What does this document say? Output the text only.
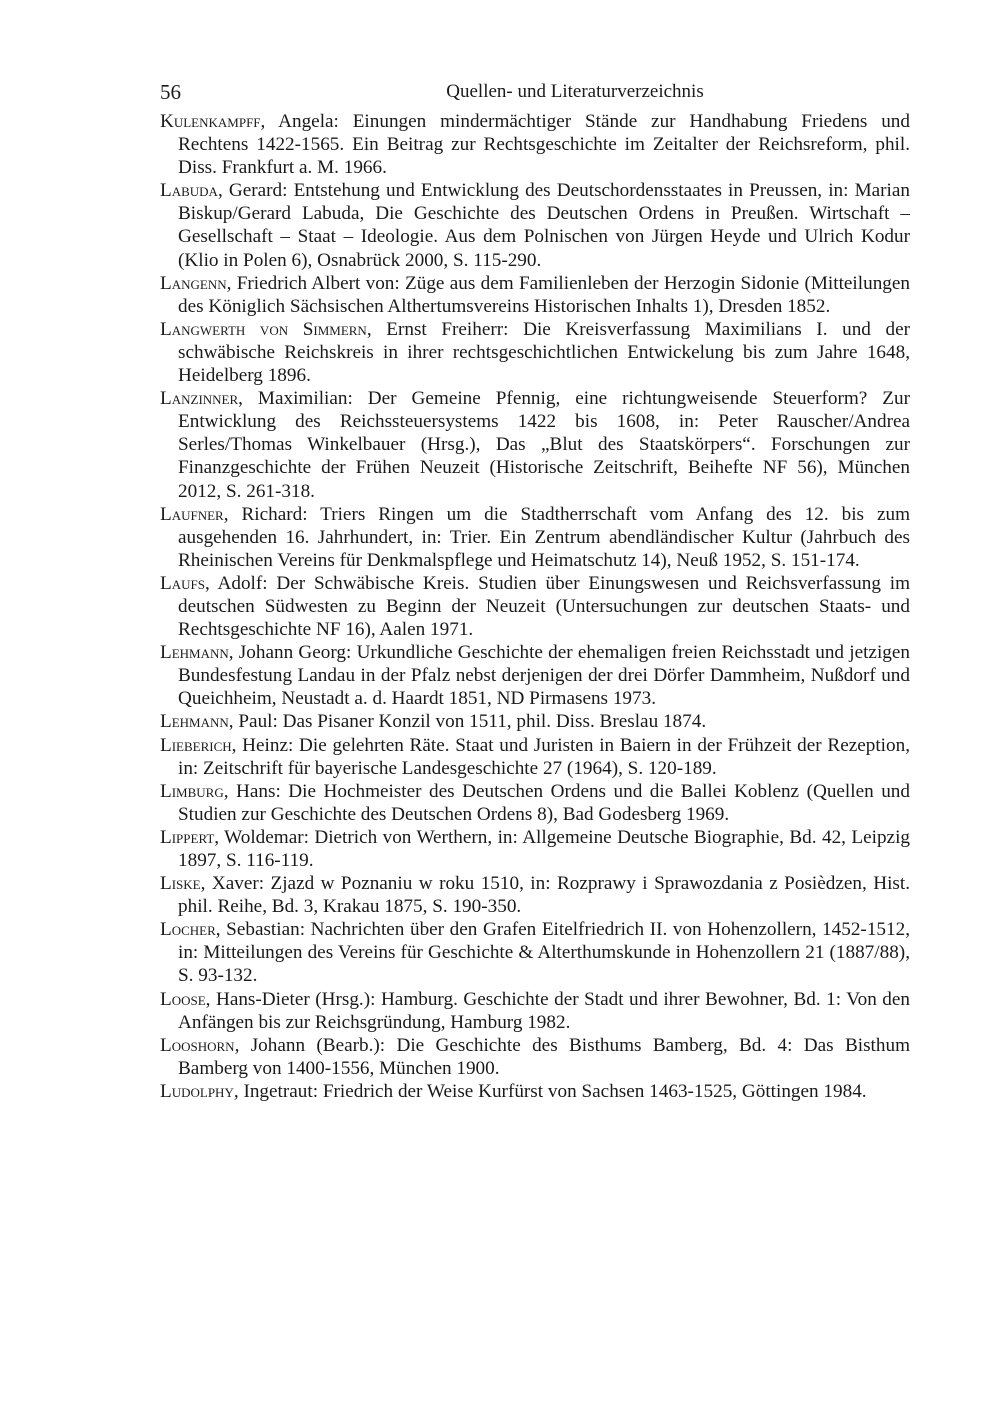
56	Quellen- und Literaturverzeichnis
Kulenkampff, Angela: Einungen mindermächtiger Stände zur Handhabung Friedens und Rechtens 1422-1565. Ein Beitrag zur Rechtsgeschichte im Zeitalter der Reichsreform, phil. Diss. Frankfurt a. M. 1966.
Labuda, Gerard: Entstehung und Entwicklung des Deutschordensstaates in Preussen, in: Marian Biskup/Gerard Labuda, Die Geschichte des Deutschen Ordens in Preußen. Wirtschaft – Gesellschaft – Staat – Ideologie. Aus dem Polnischen von Jürgen Heyde und Ulrich Kodur (Klio in Polen 6), Osnabrück 2000, S. 115-290.
Langenn, Friedrich Albert von: Züge aus dem Familienleben der Herzogin Sidonie (Mitteilungen des Königlich Sächsischen Althertumsvereins Historischen Inhalts 1), Dresden 1852.
Langwerth von Simmern, Ernst Freiherr: Die Kreisverfassung Maximilians I. und der schwäbische Reichskreis in ihrer rechtsgeschichtlichen Entwickelung bis zum Jahre 1648, Heidelberg 1896.
Lanzinner, Maximilian: Der Gemeine Pfennig, eine richtungweisende Steuerform? Zur Entwicklung des Reichssteuersystems 1422 bis 1608, in: Peter Rauscher/Andrea Serles/Thomas Winkelbauer (Hrsg.), Das „Blut des Staatskörpers“. Forschungen zur Finanzgeschichte der Frühen Neuzeit (Historische Zeitschrift, Beihefte NF 56), München 2012, S. 261-318.
Laufner, Richard: Triers Ringen um die Stadtherrschaft vom Anfang des 12. bis zum ausgehenden 16. Jahrhundert, in: Trier. Ein Zentrum abendländischer Kultur (Jahrbuch des Rheinischen Vereins für Denkmalspflege und Heimatschutz 14), Neuß 1952, S. 151-174.
Laufs, Adolf: Der Schwäbische Kreis. Studien über Einungswesen und Reichsverfassung im deutschen Südwesten zu Beginn der Neuzeit (Untersuchungen zur deutschen Staats- und Rechtsgeschichte NF 16), Aalen 1971.
Lehmann, Johann Georg: Urkundliche Geschichte der ehemaligen freien Reichsstadt und jetzigen Bundesfestung Landau in der Pfalz nebst derjenigen der drei Dörfer Dammheim, Nußdorf und Queichheim, Neustadt a. d. Haardt 1851, ND Pirmasens 1973.
Lehmann, Paul: Das Pisaner Konzil von 1511, phil. Diss. Breslau 1874.
Lieberich, Heinz: Die gelehrten Räte. Staat und Juristen in Baiern in der Frühzeit der Rezeption, in: Zeitschrift für bayerische Landesgeschichte 27 (1964), S. 120-189.
Limburg, Hans: Die Hochmeister des Deutschen Ordens und die Ballei Koblenz (Quellen und Studien zur Geschichte des Deutschen Ordens 8), Bad Godesberg 1969.
Lippert, Woldemar: Dietrich von Werthern, in: Allgemeine Deutsche Biographie, Bd. 42, Leipzig 1897, S. 116-119.
Liske, Xaver: Zjazd w Poznaniu w roku 1510, in: Rozprawy i Sprawozdania z Posièdzen, Hist. phil. Reihe, Bd. 3, Krakau 1875, S. 190-350.
Locher, Sebastian: Nachrichten über den Grafen Eitelfriedrich II. von Hohenzollern, 1452-1512, in: Mitteilungen des Vereins für Geschichte & Alterthumskunde in Hohenzollern 21 (1887/88), S. 93-132.
Loose, Hans-Dieter (Hrsg.): Hamburg. Geschichte der Stadt und ihrer Bewohner, Bd. 1: Von den Anfängen bis zur Reichsgründung, Hamburg 1982.
Looshorn, Johann (Bearb.): Die Geschichte des Bisthums Bamberg, Bd. 4: Das Bisthum Bamberg von 1400-1556, München 1900.
Ludolphy, Ingetraut: Friedrich der Weise Kurfürst von Sachsen 1463-1525, Göttingen 1984.
